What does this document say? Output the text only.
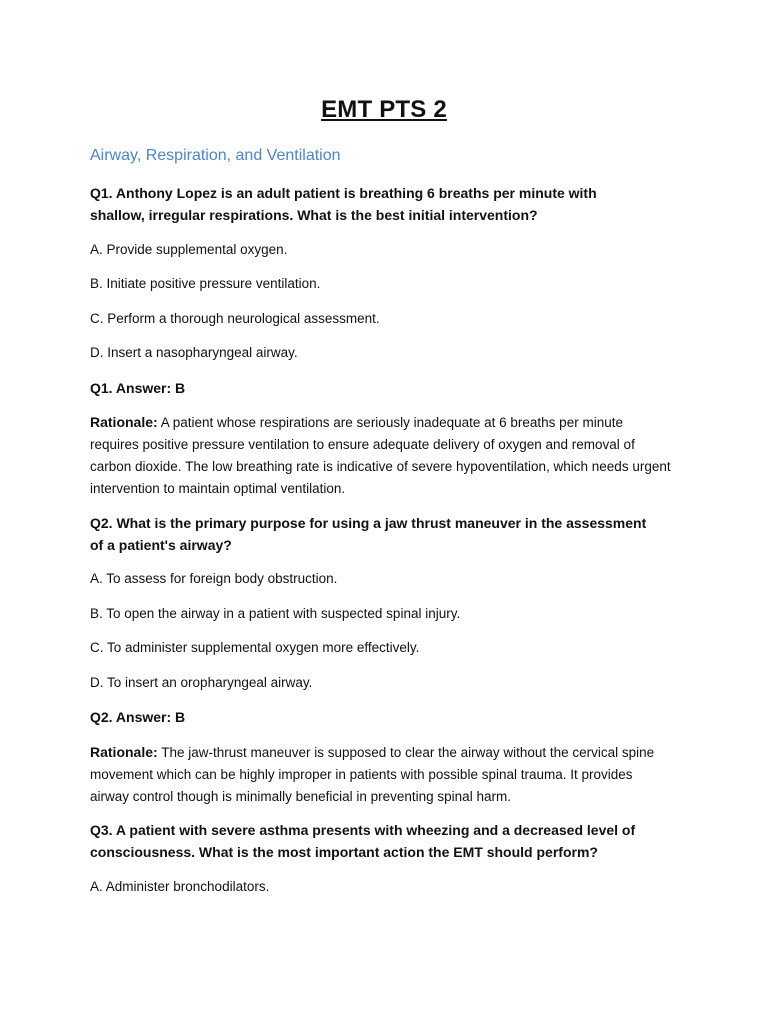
EMT PTS 2
Airway, Respiration, and Ventilation
Q1. Anthony Lopez is an adult patient is breathing 6 breaths per minute with shallow, irregular respirations. What is the best initial intervention?
A. Provide supplemental oxygen.
B. Initiate positive pressure ventilation.
C. Perform a thorough neurological assessment.
D. Insert a nasopharyngeal airway.
Q1. Answer: B
Rationale: A patient whose respirations are seriously inadequate at 6 breaths per minute requires positive pressure ventilation to ensure adequate delivery of oxygen and removal of carbon dioxide. The low breathing rate is indicative of severe hypoventilation, which needs urgent intervention to maintain optimal ventilation.
Q2. What is the primary purpose for using a jaw thrust maneuver in the assessment of a patient's airway?
A. To assess for foreign body obstruction.
B. To open the airway in a patient with suspected spinal injury.
C. To administer supplemental oxygen more effectively.
D. To insert an oropharyngeal airway.
Q2. Answer: B
Rationale: The jaw-thrust maneuver is supposed to clear the airway without the cervical spine movement which can be highly improper in patients with possible spinal trauma. It provides airway control though is minimally beneficial in preventing spinal harm.
Q3. A patient with severe asthma presents with wheezing and a decreased level of consciousness. What is the most important action the EMT should perform?
A. Administer bronchodilators.
